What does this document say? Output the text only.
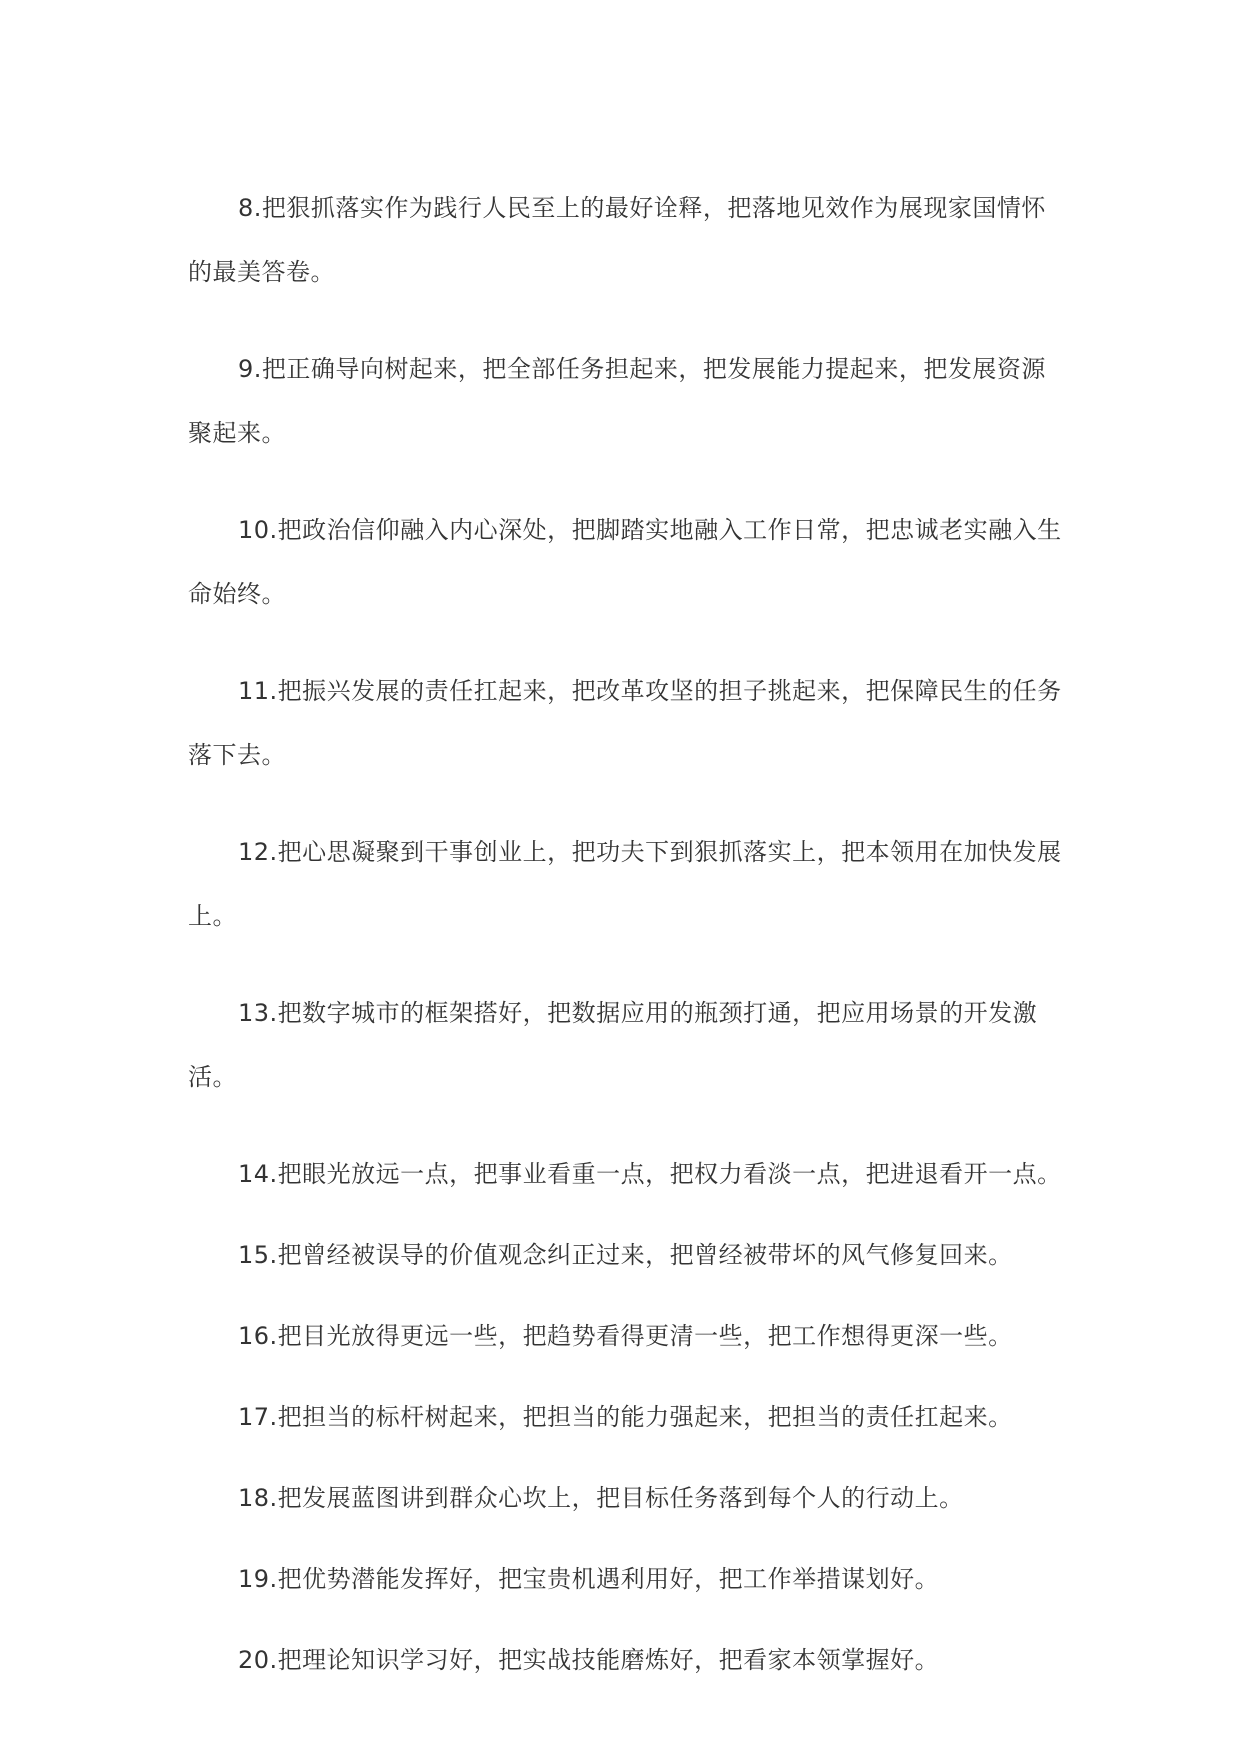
8.把狠抓落实作为践行人民至上的最好诠释，把落地见效作为展现家国情怀的最美答卷。

9.把正确导向树起来，把全部任务担起来，把发展能力提起来，把发展资源聚起来。

10.把政治信仰融入内心深处，把脚踏实地融入工作日常，把忠诚老实融入生命始终。

11.把振兴发展的责任扛起来，把改革攻坚的担子挑起来，把保障民生的任务落下去。

12.把心思凝聚到干事创业上，把功夫下到狠抓落实上，把本领用在加快发展上。

13.把数字城市的框架搭好，把数据应用的瓶颈打通，把应用场景的开发激活。

14.把眼光放远一点，把事业看重一点，把权力看淡一点，把进退看开一点。

15.把曾经被误导的价值观念纠正过来，把曾经被带坏的风气修复回来。

16.把目光放得更远一些，把趋势看得更清一些，把工作想得更深一些。

17.把担当的标杆树起来，把担当的能力强起来，把担当的责任扛起来。

18.把发展蓝图讲到群众心坎上，把目标任务落到每个人的行动上。

19.把优势潜能发挥好，把宝贵机遇利用好，把工作举措谋划好。

20.把理论知识学习好，把实战技能磨炼好，把看家本领掌握好。
